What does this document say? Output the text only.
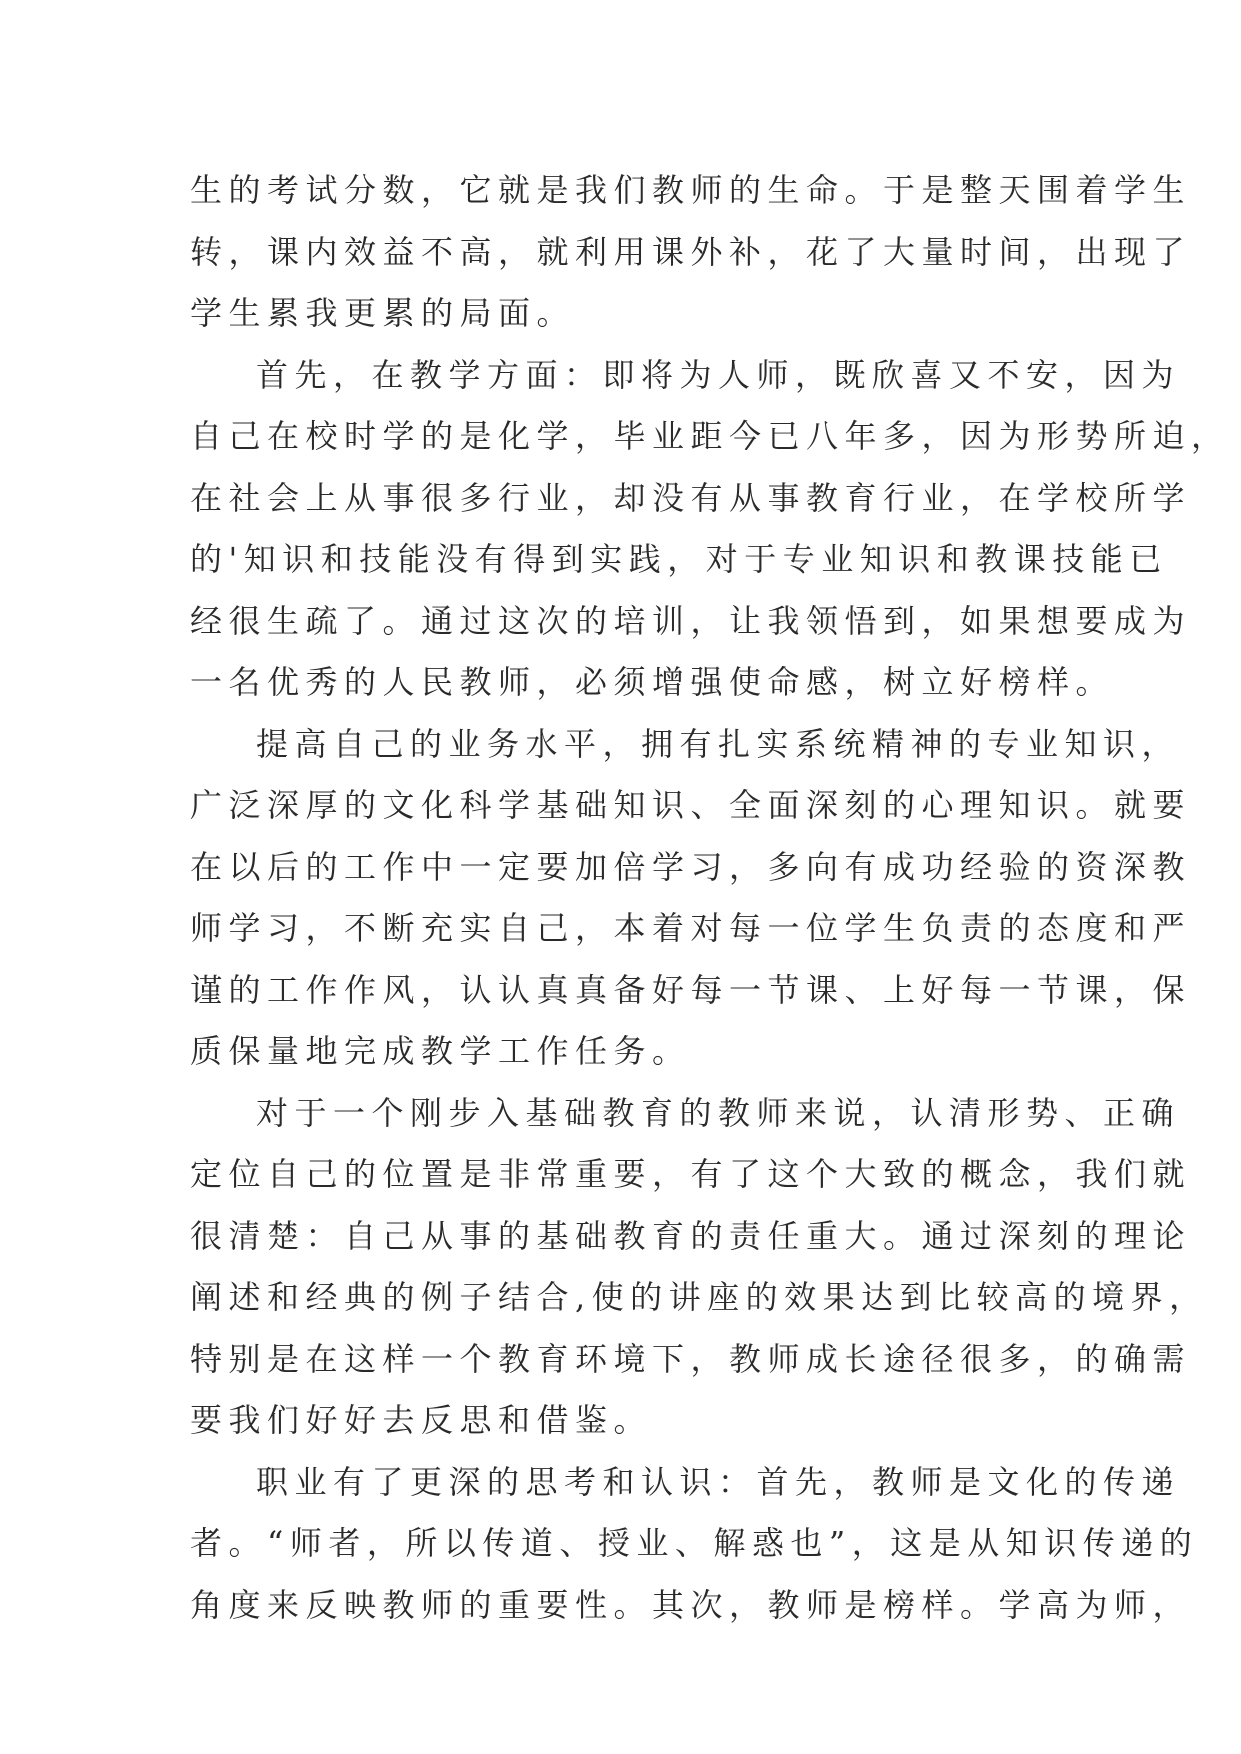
生的考试分数，它就是我们教师的生命。于是整天围着学生
转，课内效益不高，就利用课外补，花了大量时间，出现了
学生累我更累的局面。
首先，在教学方面：即将为人师，既欣喜又不安，因为
自己在校时学的是化学，毕业距今已八年多，因为形势所迫，
在社会上从事很多行业，却没有从事教育行业，在学校所学
的'知识和技能没有得到实践，对于专业知识和教课技能已
经很生疏了。通过这次的培训，让我领悟到，如果想要成为
一名优秀的人民教师，必须增强使命感，树立好榜样。
提高自己的业务水平，拥有扎实系统精神的专业知识，
广泛深厚的文化科学基础知识、全面深刻的心理知识。就要
在以后的工作中一定要加倍学习，多向有成功经验的资深教
师学习，不断充实自己，本着对每一位学生负责的态度和严
谨的工作作风，认认真真备好每一节课、上好每一节课，保
质保量地完成教学工作任务。
对于一个刚步入基础教育的教师来说，认清形势、正确
定位自己的位置是非常重要，有了这个大致的概念，我们就
很清楚：自己从事的基础教育的责任重大。通过深刻的理论
阐述和经典的例子结合,使的讲座的效果达到比较高的境界，
特别是在这样一个教育环境下，教师成长途径很多，的确需
要我们好好去反思和借鉴。
职业有了更深的思考和认识：首先，教师是文化的传递
者。“师者，所以传道、授业、解惑也”，这是从知识传递的
角度来反映教师的重要性。其次，教师是榜样。学高为师，
